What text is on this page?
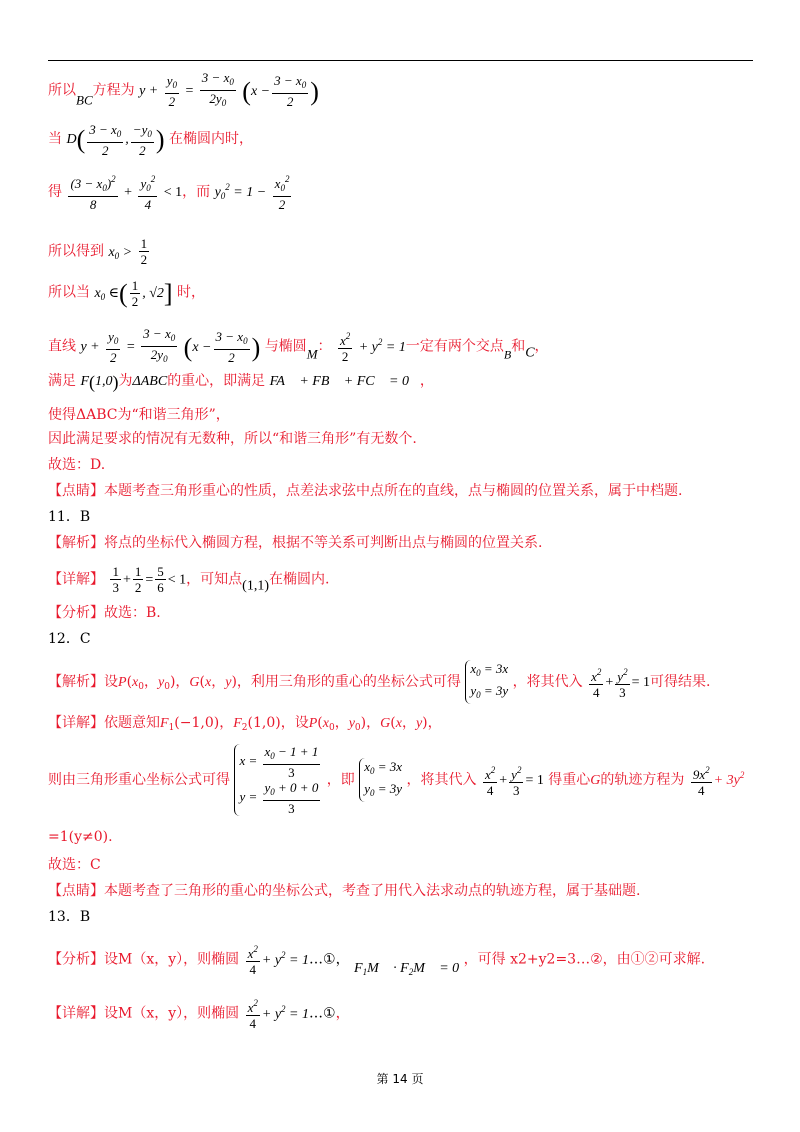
所以BC方程为 $y + \frac{y_0}{2} = \frac{3 - x_0}{2y_0} (x - \frac{3 - x_0}{2}$ )
当 $D( \frac{3 - x_0}{2}$ , $\frac{-y_0}{2}$ ) 在椭圆内时，
得 $\frac{(3 - x_0)^2}{8} + \frac{y_0^2}{4} < 1$，而 $y_0^2 = 1 - \frac{x_0^2}{2}$
所以得到 $x_0 > \frac{1}{2}$
所以当 $x_0$ ∈( $\frac{1}{2}$ , √2] 时，
直线 $y + \frac{y_0}{2} = \frac{3 - x_0}{2y_0} (x - \frac{3 - x_0}{2}$ ) 与椭圆M： $\frac{x^2}{2} + y^2 = 1$一定有两个交点B和C，
满足 F(1,0)为ΔABC的重心，即满足 FA⃗ + FB⃗ + FC⃗ = 0⃗，
使得ΔABC为“和谐三角形”，
因此满足要求的情况有无数种，所以“和谐三角形”有无数个.
故选：D.
【点睛】本题考查三角形重心的性质，点差法求弦中点所在的直线，点与椭圆的位置关系，属于中档题.
11．B
【解析】将点的坐标代入椭圆方程，根据不等关系可判断出点与椭圆的位置关系.
【详解】 $\frac{1}{3} + \frac{1}{2} = \frac{5}{6} < 1$，可知点(1,1)在椭圆内.
【分析】故选：B.
12．C
【解析】设$P(x_0$，$y_0$)，G(x，y)，利用三角形的重心的坐标公式可得 $x_0 = 3x$
$y_0 = 3y$ ，将其代入 $\frac{x^2}{4} + \frac{y^2}{3} = 1$可得结果.
【详解】依题意知$F_1(-1,0)$，$F_2(1,0)$，设$P(x_0$，$y_0$)，G(x，y)，
则由三角形重心坐标公式可得 $x = \frac{x_0 - 1 + 1}{3}$

$y = \frac{y_0 + 0 + 0}{3}$ ，即 $x_0 = 3x$
$y_0 = 3y$ ，将其代入 $\frac{x^2}{4} + \frac{y^2}{3} = 1$ 得重心G的轨迹方程为 $\frac{9x^2}{4} + 3y^2$
=1(y≠0).
故选：C
【点睛】本题考查了三角形的重心的坐标公式，考查了用代入法求动点的轨迹方程，属于基础题.
13．B
【分析】设M（x，y），则椭圆 $\frac{x^2}{4} + y^2$ = 1…①， $F_1M⃗$ · $F_2M⃗ = 0$ ，可得 x2+y2=3…②，由①②可求解.
【详解】设M（x，y），则椭圆 $\frac{x^2}{4} + y^2$ = 1…①，
第 14 页
